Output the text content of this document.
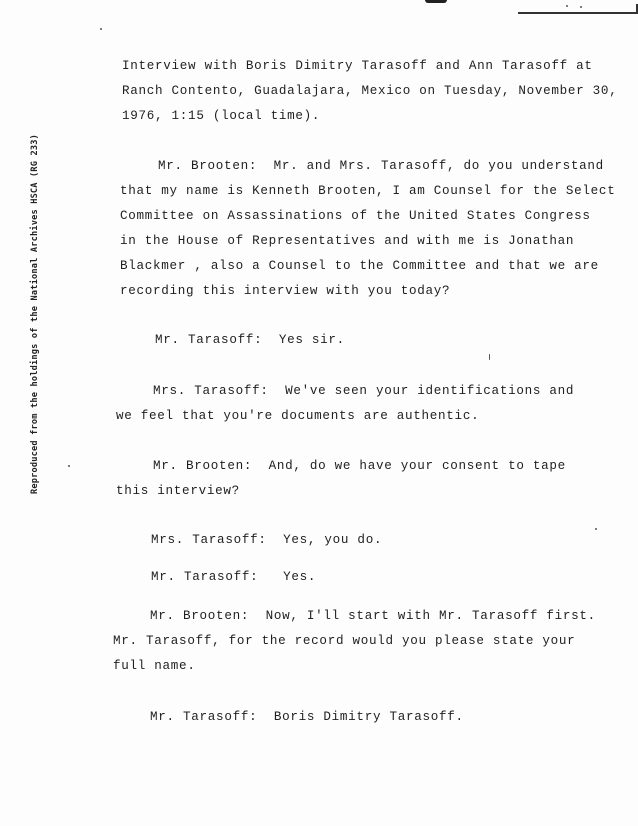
Reproduced from the holdings of the National Archives HSCA (RG 233)
Interview with Boris Dimitry Tarasoff and Ann Tarasoff at
Ranch Contento, Guadalajara, Mexico on Tuesday, November 30,
1976, 1:15 (local time).
Mr. Brooten:  Mr. and Mrs. Tarasoff, do you understand
that my name is Kenneth Brooten, I am Counsel for the Select
Committee on Assassinations of the United States Congress
in the House of Representatives and with me is Jonathan
Blackmer , also a Counsel to the Committee and that we are
recording this interview with you today?
Mr. Tarasoff:  Yes sir.
Mrs. Tarasoff:  We've seen your identifications and
we feel that you're documents are authentic.
Mr. Brooten:  And, do we have your consent to tape
this interview?
Mrs. Tarasoff:  Yes, you do.
Mr. Tarasoff:   Yes.
Mr. Brooten:  Now, I'll start with Mr. Tarasoff first.
Mr. Tarasoff, for the record would you please state your
full name.
Mr. Tarasoff:  Boris Dimitry Tarasoff.
